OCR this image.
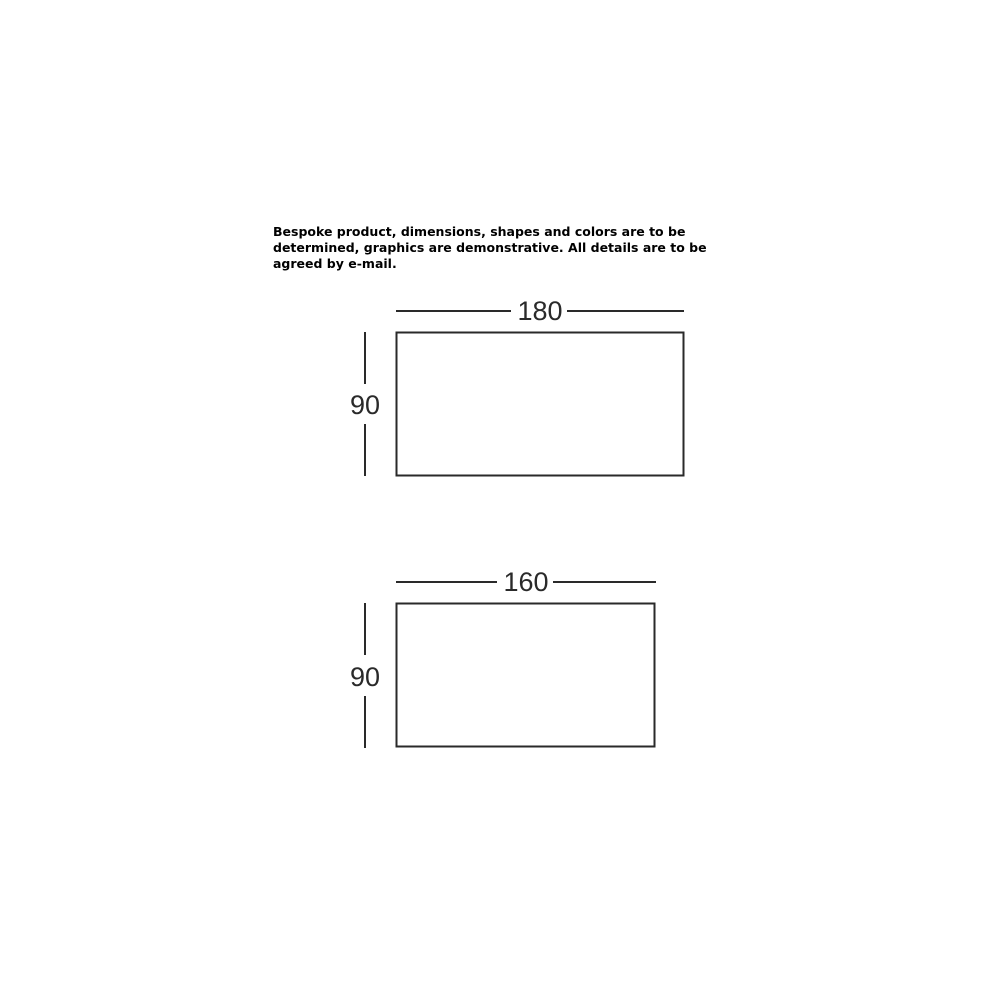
Bespoke product, dimensions, shapes and colors are to be
determined, graphics are demonstrative. All details are to be
agreed by e-mail.

180
90
160
90
